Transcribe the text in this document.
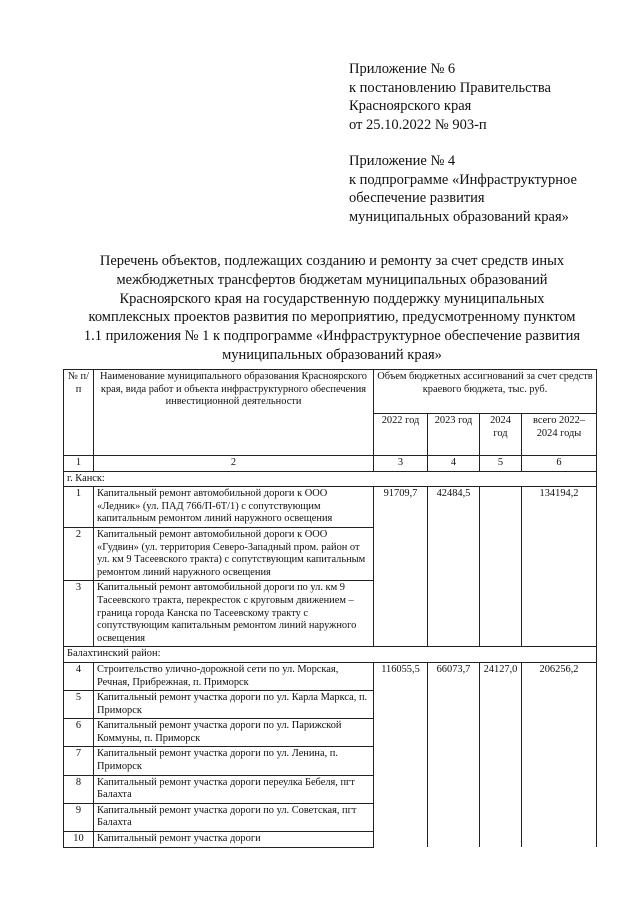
Приложение № 6
к постановлению Правительства
Красноярского края
от 25.10.2022 № 903-п
Приложение № 4
к подпрограмме «Инфраструктурное
обеспечение развития
муниципальных образований края»
Перечень объектов, подлежащих созданию и ремонту за счет средств иных
межбюджетных трансфертов бюджетам муниципальных образований
Красноярского края на государственную поддержку муниципальных
комплексных проектов развития по мероприятию, предусмотренному пунктом
1.1 приложения № 1 к подпрограмме «Инфраструктурное обеспечение развития
муниципальных образований края»
№ п/п	Наименование муниципального образования Красноярского края, вида работ и объекта инфраструктурного обеспечения инвестиционной деятельности	Объем бюджетных ассигнований за счет средств краевого бюджета, тыс. руб.			
		2022 год	2023 год	2024 год	всего 2022–2024 годы
1	2	3	4	5	6
г. Канск:					
1	Капитальный ремонт автомобильной дороги к ООО «Ледник» (ул. ПАД 766/П-6Т/1) с сопутствующим капитальным ремонтом линий наружного освещения	91709,7	42484,5		134194,2
2	Капитальный ремонт автомобильной дороги к ООО «Гудвин» (ул. территория Северо-Западный пром. район от ул. км 9 Тасеевского тракта) с сопутствующим капитальным ремонтом линий наружного освещения				
3	Капитальный ремонт автомобильной дороги по ул. км 9 Тасеевского тракта, перекресток с круговым движением – граница города Канска по Тасеевскому тракту с сопутствующим капитальным ремонтом линий наружного освещения				
Балахтинский район:					
4	Строительство улично-дорожной сети по ул. Морская, Речная, Прибрежная, п. Приморск	116055,5	66073,7	24127,0	206256,2
5	Капитальный ремонт участка дороги по ул. Карла Маркса, п. Приморск				
6	Капитальный ремонт участка дороги по ул. Парижской Коммуны, п. Приморск				
7	Капитальный ремонт участка дороги по ул. Ленина, п. Приморск				
8	Капитальный ремонт участка дороги переулка Бебеля, пгт Балахта				
9	Капитальный ремонт участка дороги по ул. Советская, пгт Балахта				
10	Капитальный ремонт участка дороги				
